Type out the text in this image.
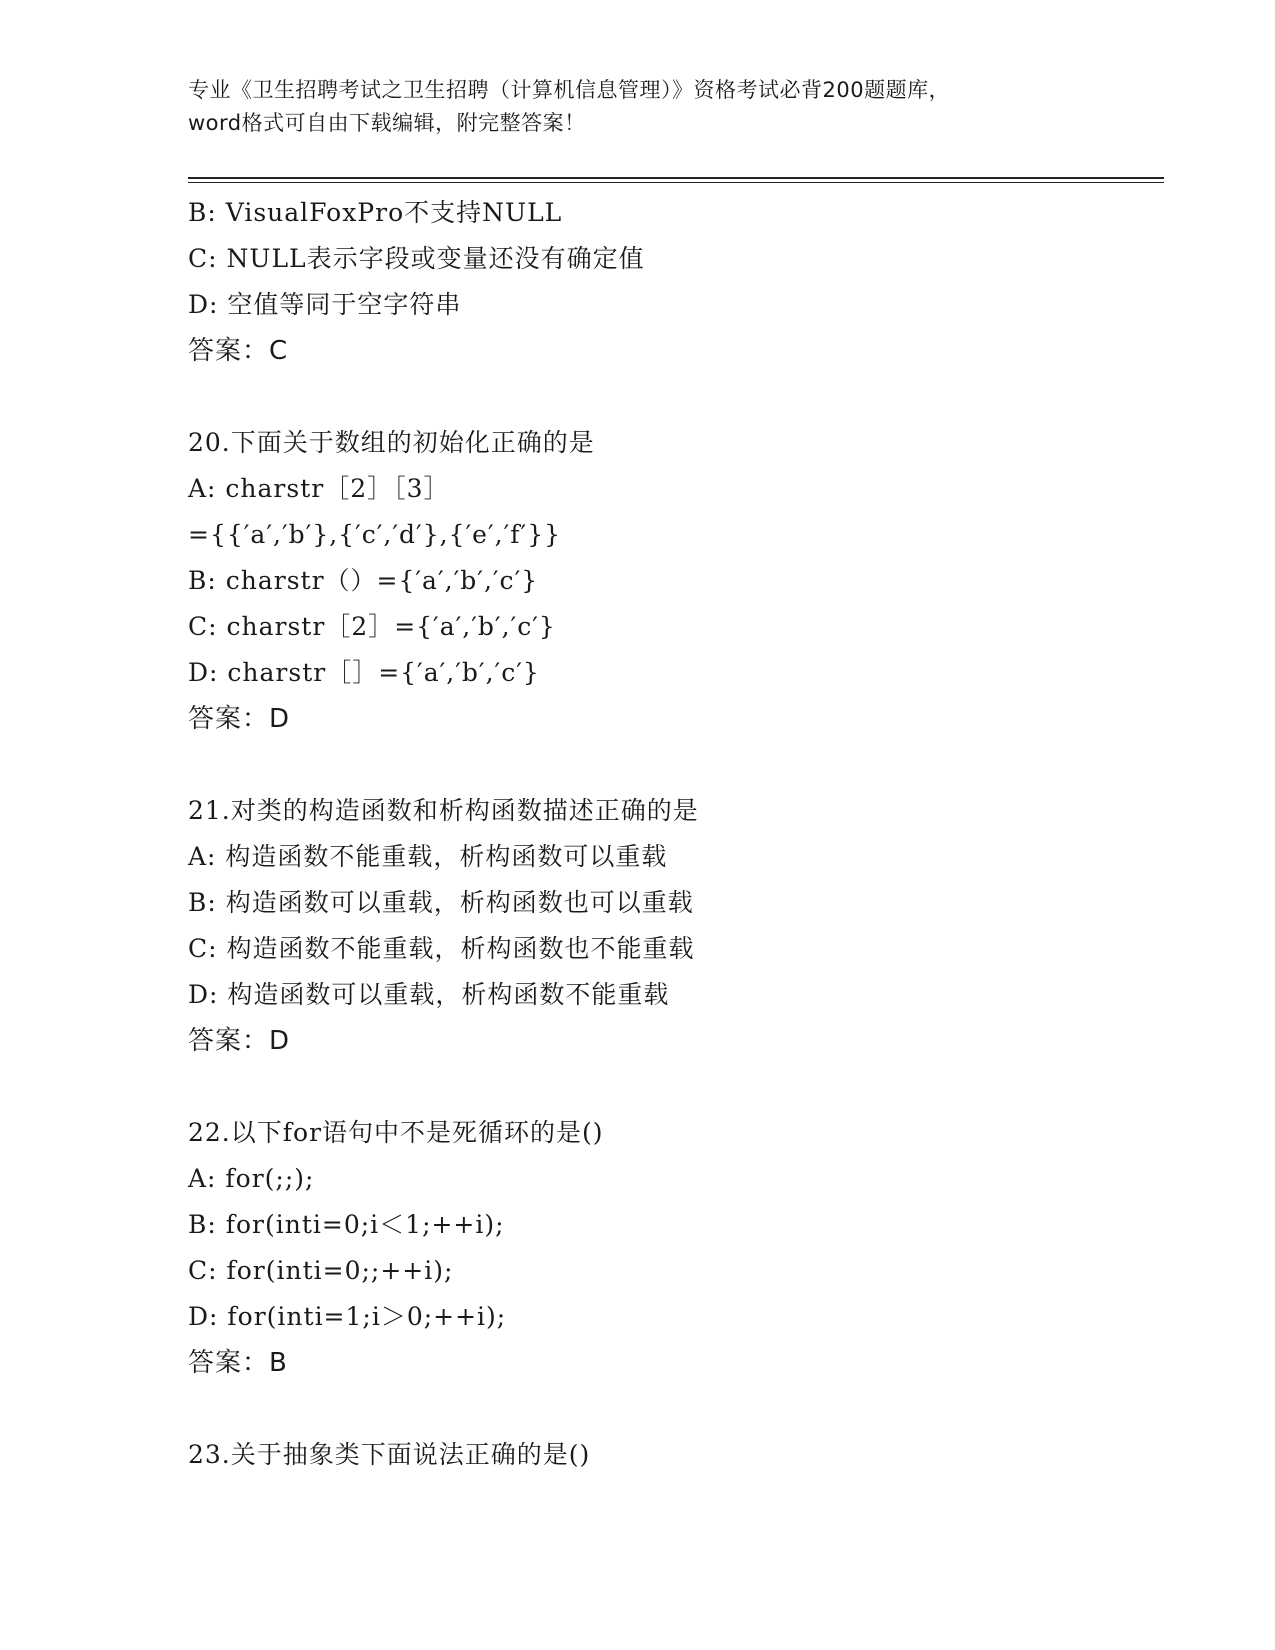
专业《卫生招聘考试之卫生招聘（计算机信息管理）》资格考试必背200题题库，
word格式可自由下载编辑，附完整答案！
B: VisualFoxPro不支持NULL
C: NULL表示字段或变量还没有确定值
D: 空值等同于空字符串
答案：C
20.下面关于数组的初始化正确的是
A: charstr［2］［3］
={{′a′,′b′},{′c′,′d′},{′e′,′f′}}
B: charstr（）={′a′,′b′,′c′}
C: charstr［2］={′a′,′b′,′c′}
D: charstr［］={′a′,′b′,′c′}
答案：D
21.对类的构造函数和析构函数描述正确的是
A: 构造函数不能重载，析构函数可以重载
B: 构造函数可以重载，析构函数也可以重载
C: 构造函数不能重载，析构函数也不能重载
D: 构造函数可以重载，析构函数不能重载
答案：D
22.以下for语句中不是死循环的是()
A: for(;;);
B: for(inti=0;i＜1;++i);
C: for(inti=0;;++i);
D: for(inti=1;i＞0;++i);
答案：B
23.关于抽象类下面说法正确的是()
